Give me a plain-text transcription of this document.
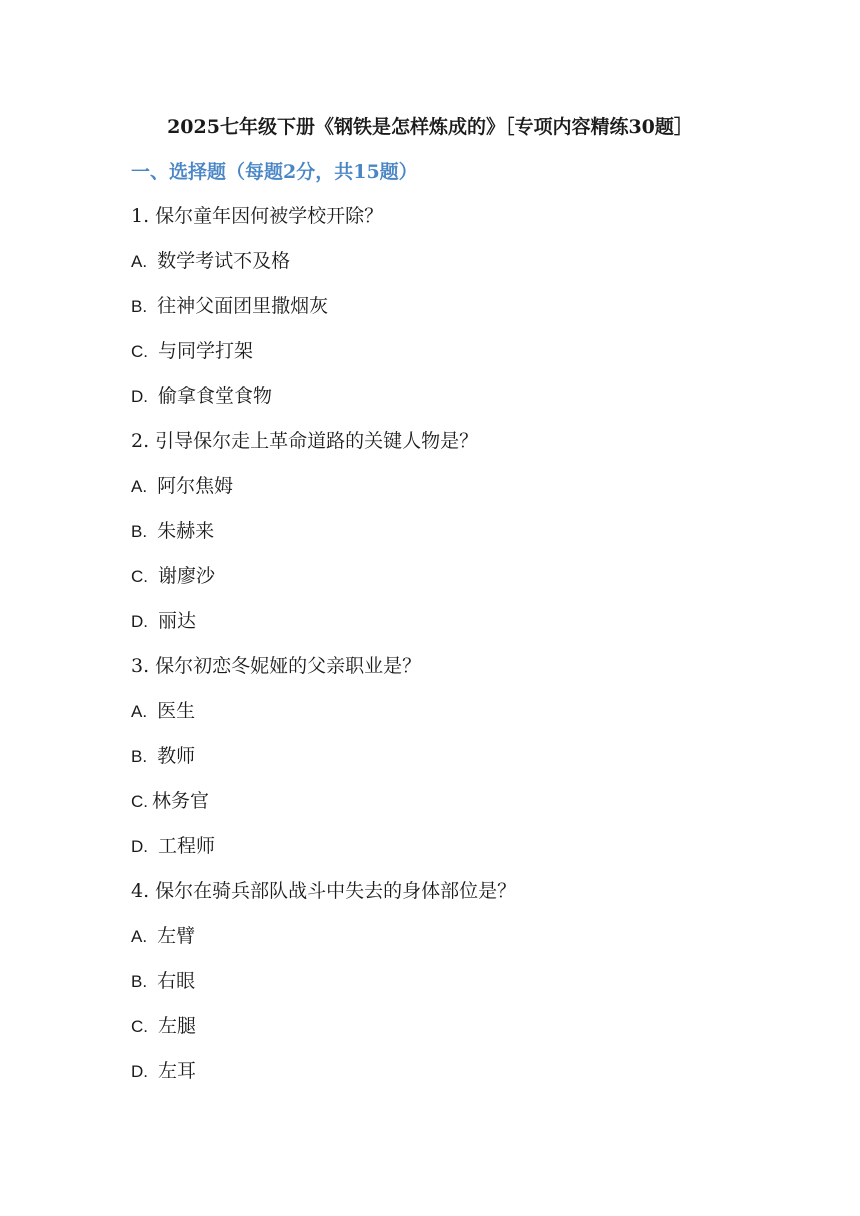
2025七年级下册《钢铁是怎样炼成的》［专项内容精练30题］
一、选择题（每题2分，共15题）
1. 保尔童年因何被学校开除？
A. 数学考试不及格
B. 往神父面团里撒烟灰
C. 与同学打架
D. 偷拿食堂食物
2. 引导保尔走上革命道路的关键人物是？
A. 阿尔焦姆
B. 朱赫来
C. 谢廖沙
D. 丽达
3. 保尔初恋冬妮娅的父亲职业是？
A. 医生
B. 教师
C. 林务官
D. 工程师
4. 保尔在骑兵部队战斗中失去的身体部位是？
A. 左臂
B. 右眼
C. 左腿
D. 左耳
